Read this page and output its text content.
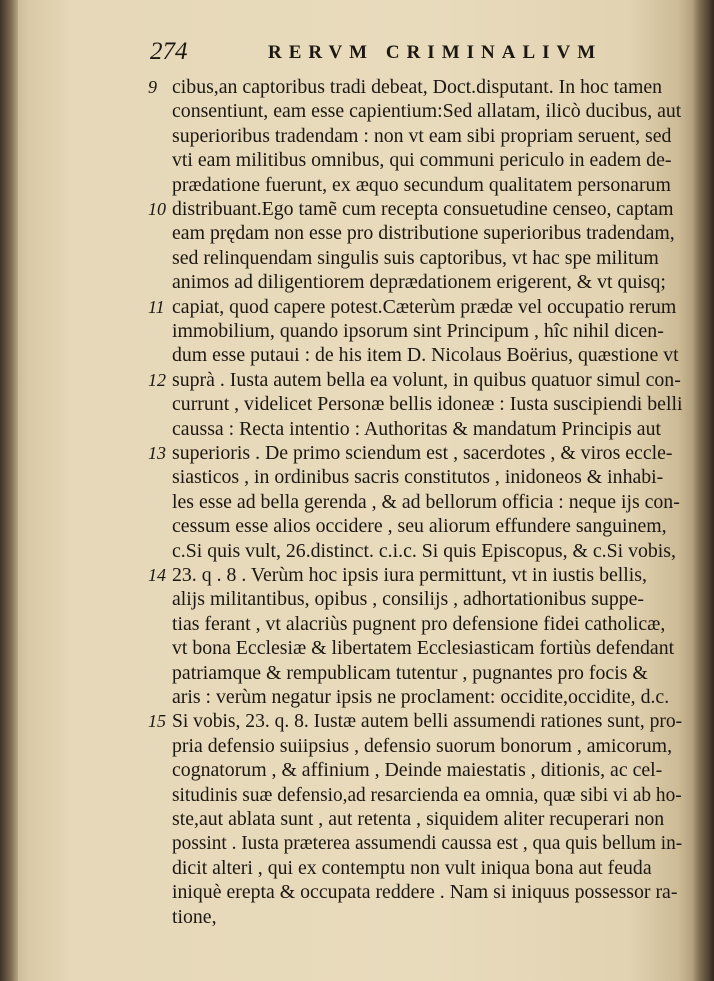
274	RERVM CRIMINALIVM
cibus,an captoribus tradi debeat, Doct.disputant. In hoc tamen
consentiunt, eam esse capientium:Sed allatam, ilicò ducibus, aut
superioribus tradendam : non vt eam sibi propriam seruent, sed
vti eam militibus omnibus, qui communi periculo in eadem de-
prædatione fuerunt, ex æquo secundum qualitatem personarum
distribuant.Ego tamẽ cum recepta consuetudine censeo, captam
eam prędam non esse pro distributione superioribus tradendam,
sed relinquendam singulis suis captoribus, vt hac spe militum
animos ad diligentiorem deprædationem erigerent, & vt quisq;
capiat, quod capere potest.Cæterùm prædæ vel occupatio rerum
immobilium, quando ipsorum sint Principum , hîc nihil dicen-
dum esse putaui : de his item D. Nicolaus Boërius, quæstione vt
suprà . Iusta autem bella ea volunt, in quibus quatuor simul con-
currunt , videlicet Personæ bellis idoneæ : Iusta suscipiendi belli
caussa : Recta intentio : Authoritas & mandatum Principis aut
superioris . De primo sciendum est , sacerdotes , & viros eccle-
siasticos , in ordinibus sacris constitutos , inidoneos & inhabi-
les esse ad bella gerenda , & ad bellorum officia : neque ijs con-
cessum esse alios occidere , seu aliorum effundere sanguinem,
c.Si quis vult, 26.distinct. c.i.c. Si quis Episcopus, & c.Si vobis,
23. q . 8 . Verùm hoc ipsis iura permittunt, vt in iustis bellis,
alijs militantibus, opibus , consilijs , adhortationibus suppe-
tias ferant , vt alacriùs pugnent pro defensione fidei catholicæ,
vt bona Ecclesiæ & libertatem Ecclesiasticam fortiùs defendant
patriamque & rempublicam tutentur , pugnantes pro focis &
aris : verùm negatur ipsis ne proclament: occidite,occidite, d.c.
Si vobis, 23. q. 8. Iustæ autem belli assumendi rationes sunt, pro-
pria defensio suiipsius , defensio suorum bonorum , amicorum,
cognatorum , & affinium , Deinde maiestatis , ditionis, ac cel-
situdinis suæ defensio,ad resarcienda ea omnia, quæ sibi vi ab ho-
ste,aut ablata sunt , aut retenta , siquidem aliter recuperari non
possint . Iusta præterea assumendi caussa est , qua quis bellum in-
dicit alteri , qui ex contemptu non vult iniqua bona aut feuda
iniquè erepta & occupata reddere . Nam si iniquus possessor ra-
tione,
9
10
11
12
13
14
15
